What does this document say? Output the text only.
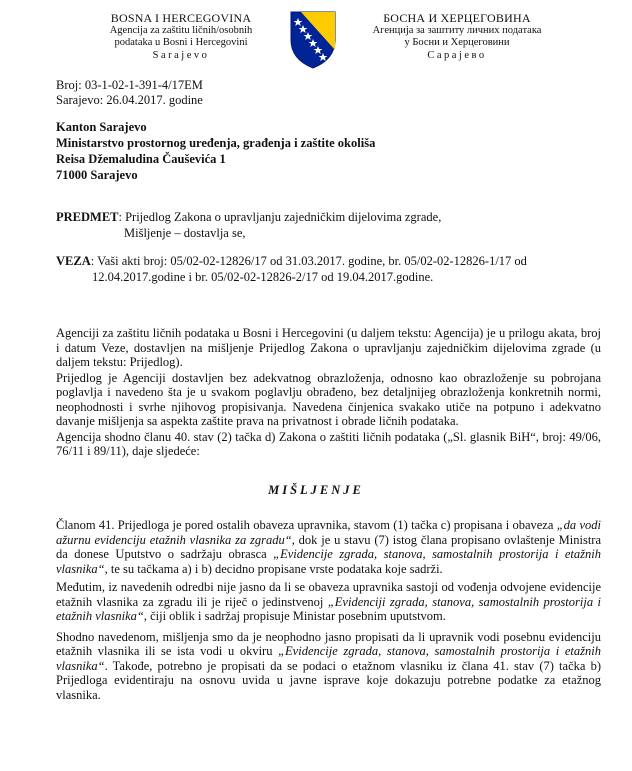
BOSNA I HERCEGOVINA
Agencija za zaštitu ličnih/osobnih
podataka u Bosni i Hercegovini
Sarajevo
БОСНА И ХЕРЦЕГОВИНА
Агенција за заштиту личних података
у Босни и Херцеговини
Сарајево
Broj: 03-1-02-1-391-4/17EM
Sarajevo: 26.04.2017. godine
Kanton Sarajevo
Ministarstvo prostornog uređenja, građenja i zaštite okoliša
Reisa Džemaludina Čauševića 1
71000 Sarajevo
PREDMET: Prijedlog Zakona o upravljanju zajedničkim dijelovima zgrade,
Mišljenje – dostavlja se,
VEZA: Vaši akti broj: 05/02-02-12826/17 od 31.03.2017. godine, br. 05/02-02-12826-1/17 od
12.04.2017.godine i br. 05/02-02-12826-2/17 od 19.04.2017.godine.

Agenciji za zaštitu ličnih podataka u Bosni i Hercegovini (u daljem tekstu: Agencija) je u prilogu akata, broj i datum Veze, dostavljen na mišljenje Prijedlog Zakona o upravljanju zajedničkim dijelovima zgrade (u daljem tekstu: Prijedlog).

Prijedlog je Agenciji dostavljen bez adekvatnog obrazloženja, odnosno kao obrazloženje su pobrojana poglavlja i navedeno šta je u svakom poglavlju obrađeno, bez detaljnijeg obrazloženja konkretnih normi, neophodnosti i svrhe njihovog propisivanja. Navedena činjenica svakako utiče na potpuno i adekvatno davanje mišljenja sa aspekta zaštite prava na privatnost i obrade ličnih podataka.

Agencija shodno članu 40. stav (2) tačka d) Zakona o zaštiti ličnih podataka („Sl. glasnik BiH“, broj: 49/06, 76/11 i 89/11), daje sljedeće:

MIŠLJENJE

Članom 41. Prijedloga je pored ostalih obaveza upravnika, stavom (1) tačka c) propisana i obaveza „da vodi ažurnu evidenciju etažnih vlasnika za zgradu“, dok je u stavu (7) istog člana propisano ovlaštenje Ministra da donese Uputstvo o sadržaju obrasca „Evidencije zgrada, stanova, samostalnih prostorija i etažnih vlasnika“, te su tačkama a) i b) decidno propisane vrste podataka koje sadrži.

Međutim, iz navedenih odredbi nije jasno da li se obaveza upravnika sastoji od vođenja odvojene evidencije etažnih vlasnika za zgradu ili je riječ o jedinstvenoj „Evidenciji zgrada, stanova, samostalnih prostorija i etažnih vlasnika“, čiji oblik i sadržaj propisuje Ministar posebnim uputstvom.

Shodno navedenom, mišljenja smo da je neophodno jasno propisati da li upravnik vodi posebnu evidenciju etažnih vlasnika ili se ista vodi u okviru „Evidencije zgrada, stanova, samostalnih prostorija i etažnih vlasnika“. Takođe, potrebno je propisati da se podaci o etažnom vlasniku iz člana 41. stav (7) tačka b) Prijedloga evidentiraju na osnovu uvida u javne isprave koje dokazuju potrebne podatke za etažnog vlasnika.
